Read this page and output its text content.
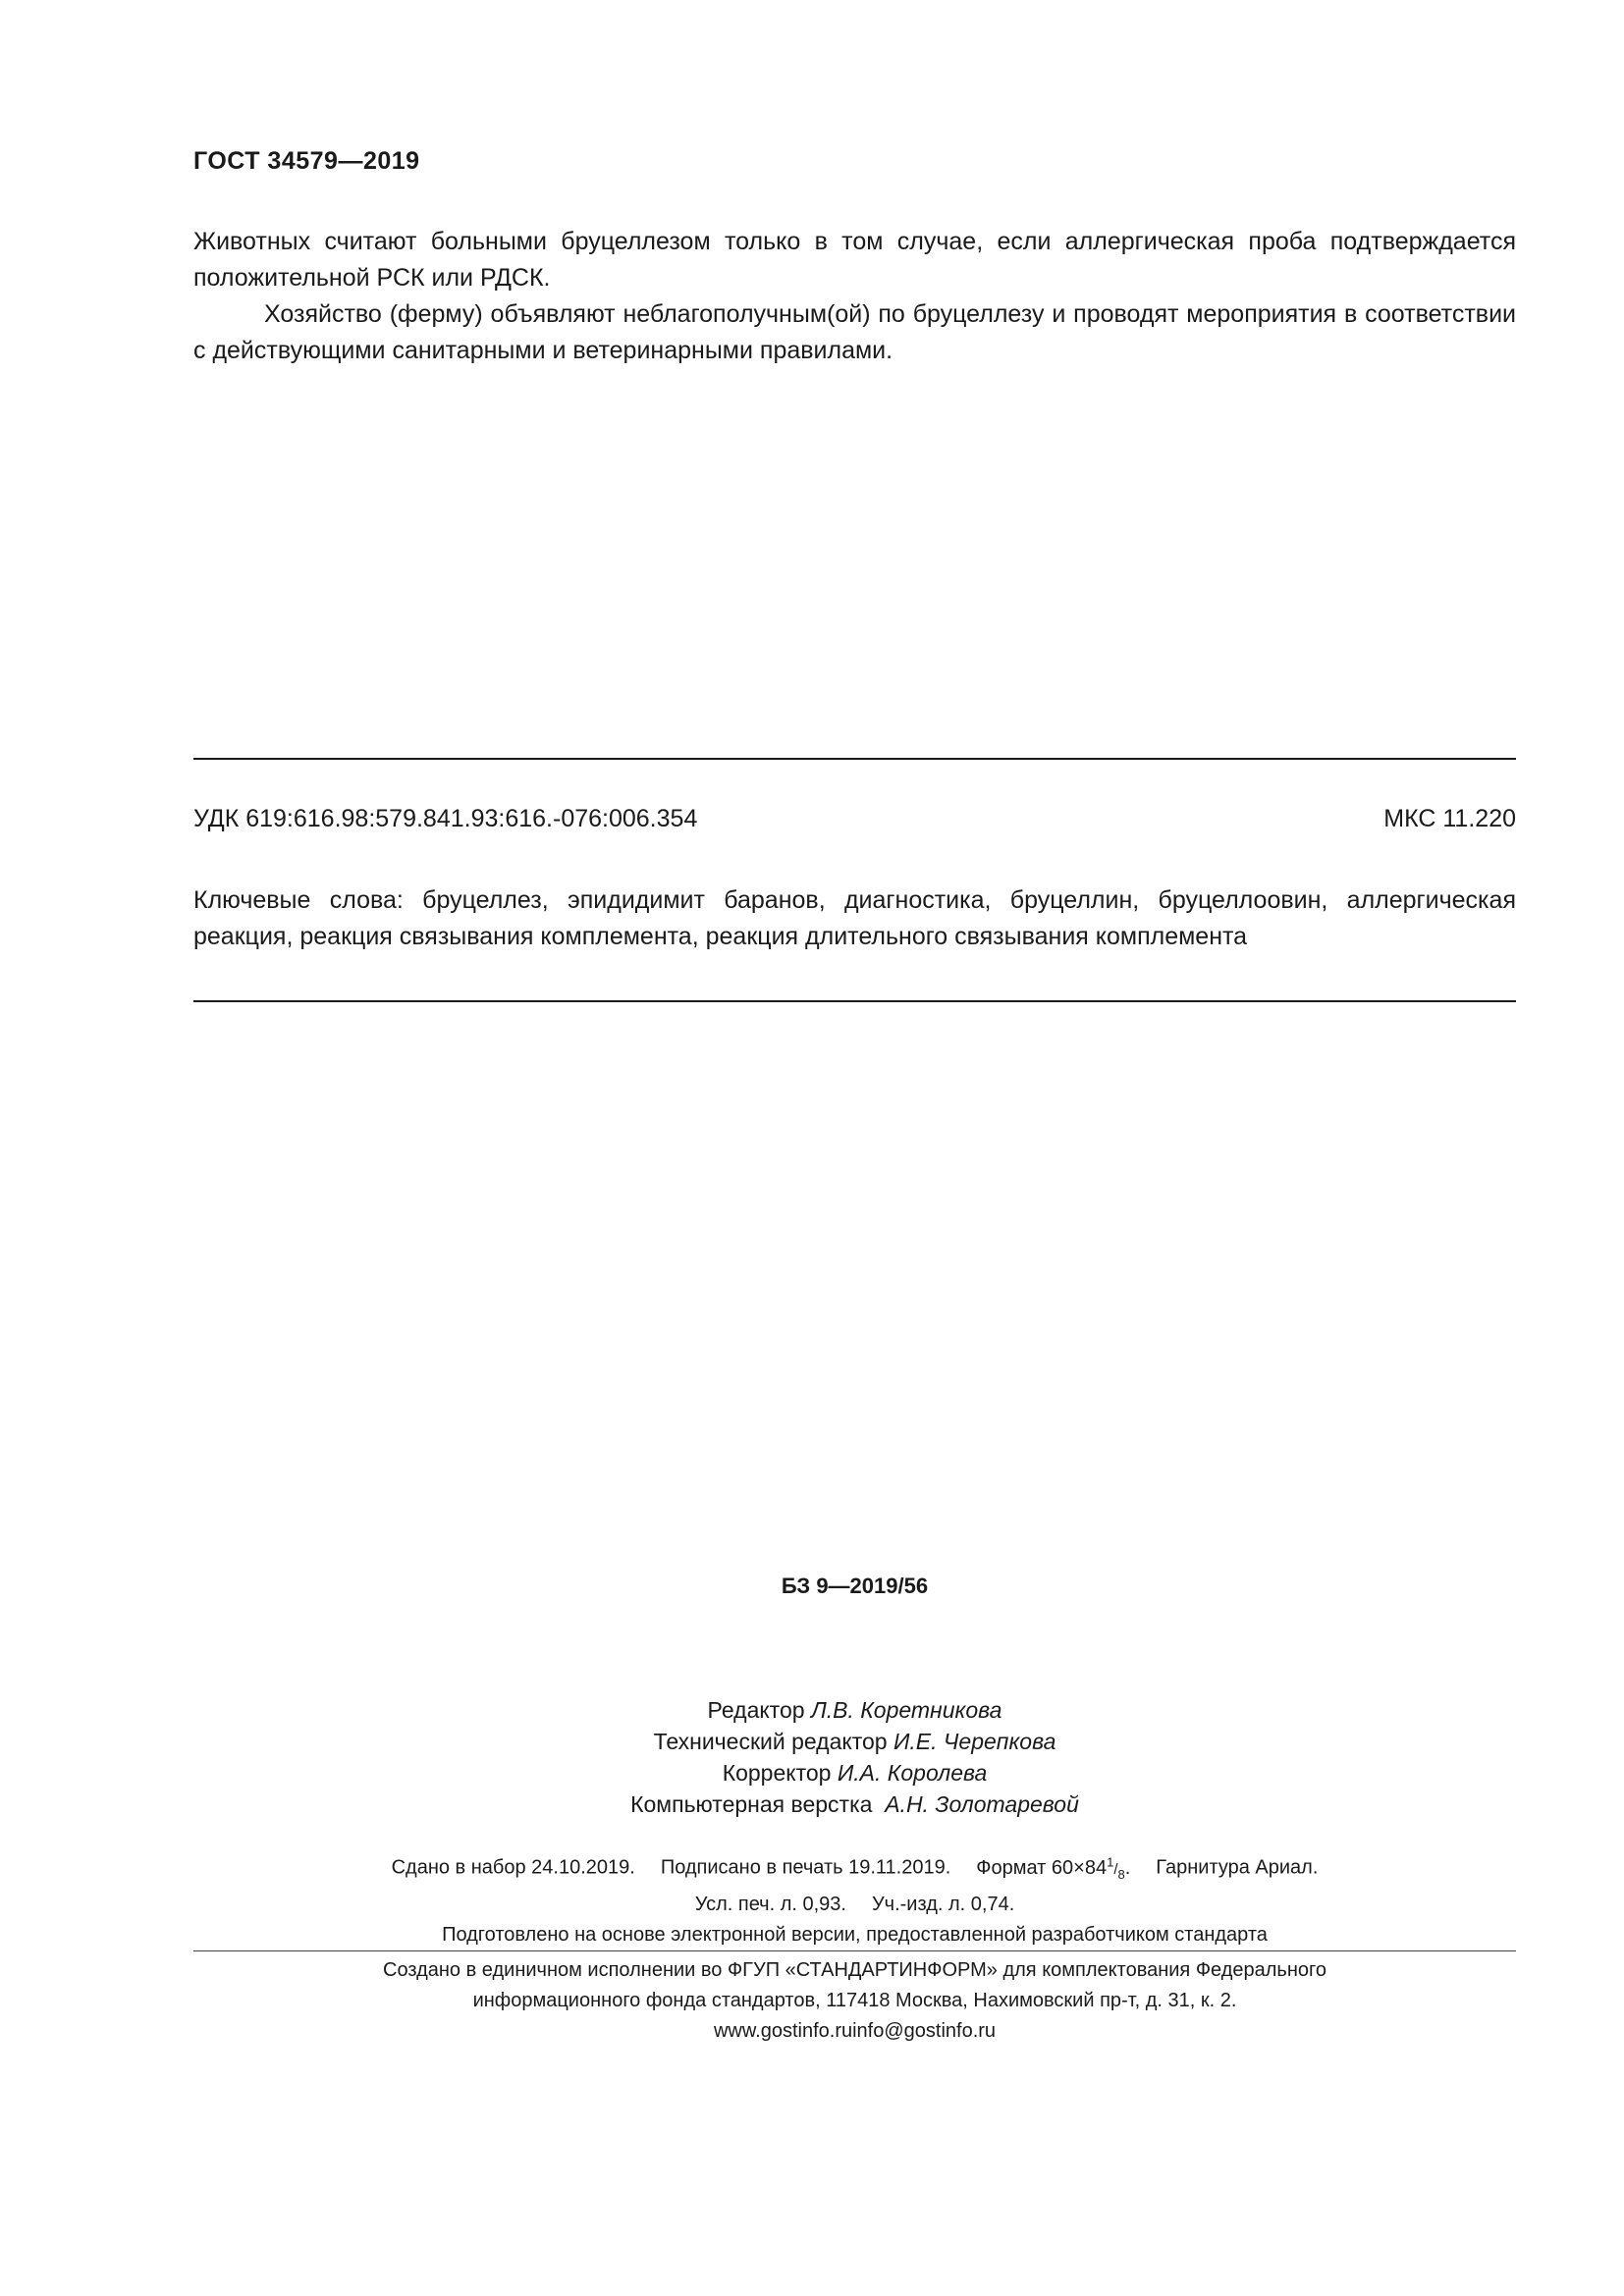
ГОСТ 34579—2019

Животных считают больными бруцеллезом только в том случае, если аллергическая проба подтверждается положительной РСК или РДСК.

Хозяйство (ферму) объявляют неблагополучным(ой) по бруцеллезу и проводят мероприятия в соответствии с действующими санитарными и ветеринарными правилами.

УДК 619:616.98:579.841.93:616.-076:006.354	МКС 11.220

Ключевые слова: бруцеллез, эпидидимит баранов, диагностика, бруцеллин, бруцеллоовин, аллергическая реакция, реакция связывания комплемента, реакция длительного связывания комплемента

БЗ 9—2019/56
Редактор Л.В. Коретникова
Технический редактор И.Е. Черепкова
Корректор И.А. Королева
Компьютерная верстка А.Н. Золотаревой
Сдано в набор 24.10.2019. Подписано в печать 19.11.2019. Формат $60\times 84^1/_8$. Гарнитура Ариал.
Усл. печ. л. 0,93. Уч.-изд. л. 0,74.
Подготовлено на основе электронной версии, предоставленной разработчиком стандарта
Создано в единичном исполнении во ФГУП «СТАНДАРТИНФОРМ» для комплектования Федерального
информационного фонда стандартов, 117418 Москва, Нахимовский пр-т, д. 31, к. 2.
www.gostinfo.ruinfo@gostinfo.ru
